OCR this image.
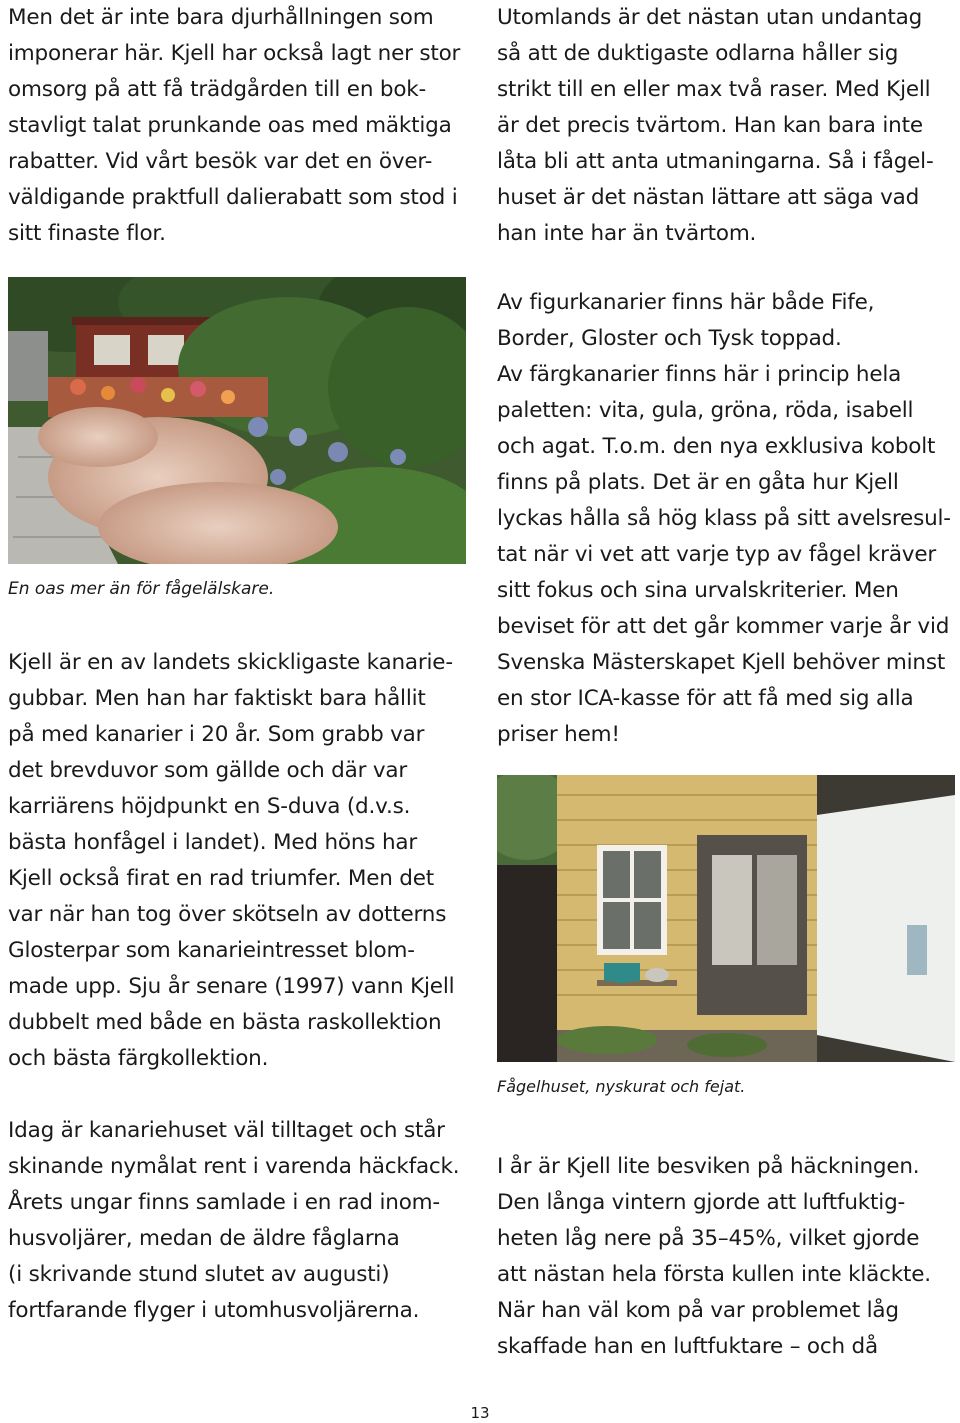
Men det är inte bara djurhållningen som
imponerar här. Kjell har också lagt ner stor
omsorg på att få trädgården till en bok-
stavligt talat prunkande oas med mäktiga
rabatter. Vid vårt besök var det en över-
väldigande praktfull dalierabatt som stod i
sitt finaste flor.

En oas mer än för fågelälskare.

Kjell är en av landets skickligaste kanarie-
gubbar. Men han har faktiskt bara hållit
på med kanarier i 20 år. Som grabb var
det brevduvor som gällde och där var
karriärens höjdpunkt en S-duva (d.v.s.
bästa honfågel i landet). Med höns har
Kjell också firat en rad triumfer. Men det
var när han tog över skötseln av dotterns
Glosterpar som kanarieintresset blom-
made upp. Sju år senare (1997) vann Kjell
dubbelt med både en bästa raskollektion
och bästa färgkollektion.

Idag är kanariehuset väl tilltaget och står
skinande nymålat rent i varenda häckfack.
Årets ungar finns samlade i en rad inom-
husvoljärer, medan de äldre fåglarna
(i skrivande stund slutet av augusti)
fortfarande flyger i utomhusvoljärerna.

Utomlands är det nästan utan undantag
så att de duktigaste odlarna håller sig
strikt till en eller max två raser. Med Kjell
är det precis tvärtom. Han kan bara inte
låta bli att anta utmaningarna. Så i fågel-
huset är det nästan lättare att säga vad
han inte har än tvärtom.

Av figurkanarier finns här både Fife,
Border, Gloster och Tysk toppad.
Av färgkanarier finns här i princip hela
paletten: vita, gula, gröna, röda, isabell
och agat. T.o.m. den nya exklusiva kobolt
finns på plats. Det är en gåta hur Kjell
lyckas hålla så hög klass på sitt avelsresul-
tat när vi vet att varje typ av fågel kräver
sitt fokus och sina urvalskriterier. Men
beviset för att det går kommer varje år vid
Svenska Mästerskapet Kjell behöver minst
en stor ICA-kasse för att få med sig alla
priser hem!

Fågelhuset, nyskurat och fejat.

I år är Kjell lite besviken på häckningen.
Den långa vintern gjorde att luftfuktig-
heten låg nere på 35–45%, vilket gjorde
att nästan hela första kullen inte kläckte.
När han väl kom på var problemet låg
skaffade han en luftfuktare – och då

13
